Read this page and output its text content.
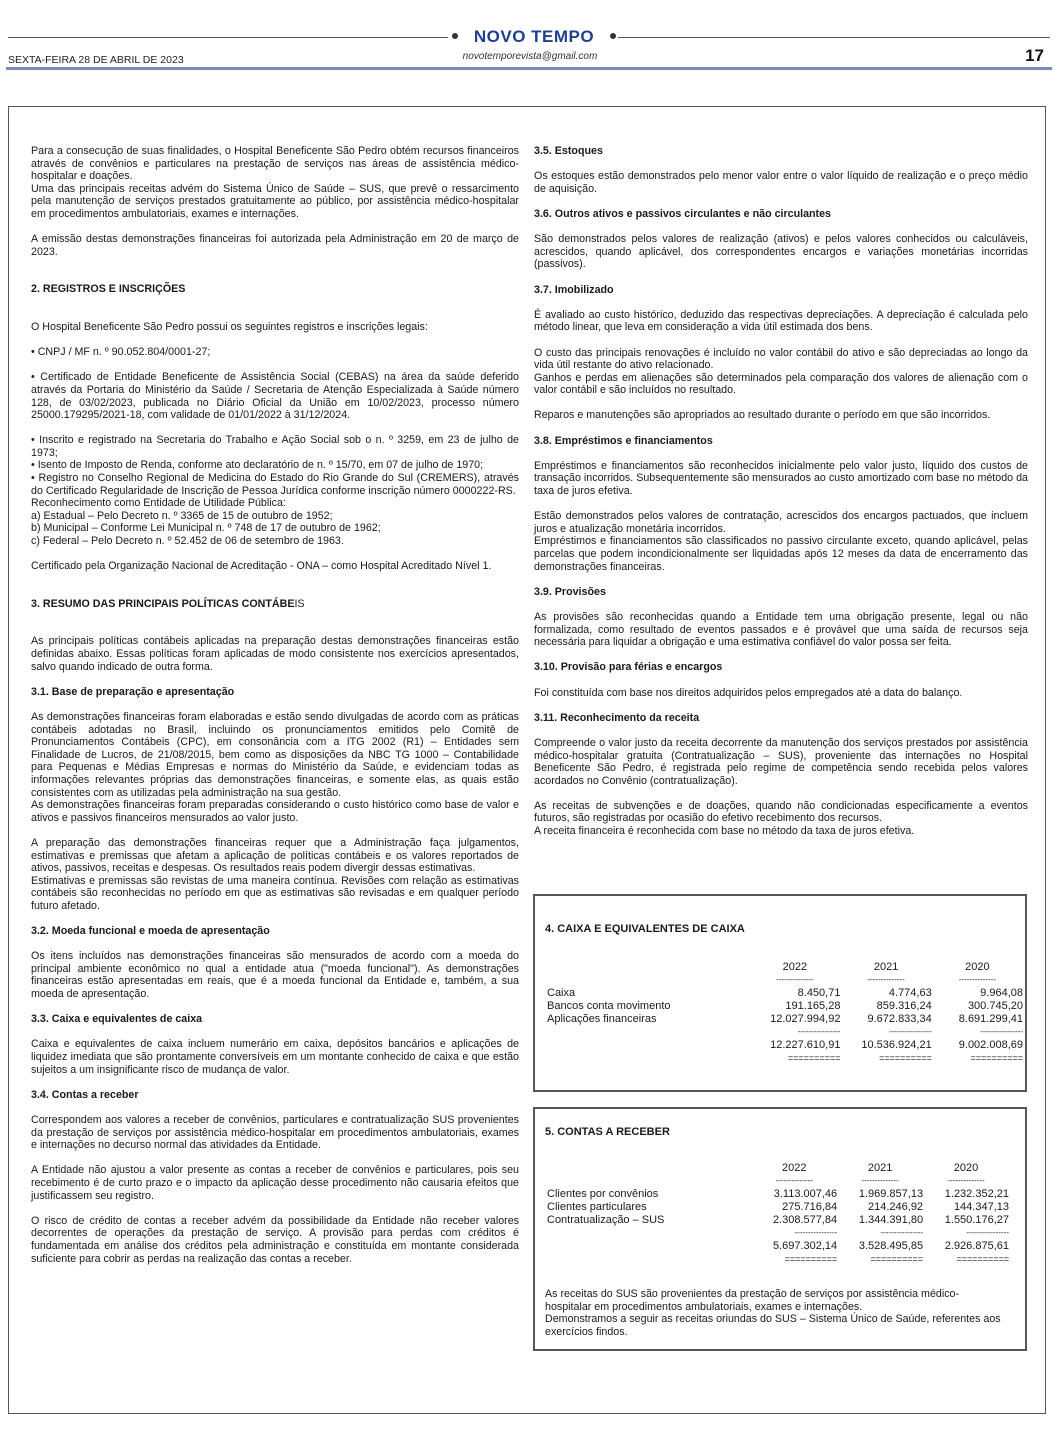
NOVO TEMPO
SEXTA-FEIRA 28 DE ABRIL DE 2023	novotemporevista@gmail.com	17

Para a consecução de suas finalidades, o Hospital Beneficente São Pedro obtém recursos financeiros através de convênios e particulares na prestação de serviços nas áreas de assistência médico-hospitalar e doações.

Uma das principais receitas advém do Sistema Único de Saúde – SUS, que prevê o ressarcimento pela manutenção de serviços prestados gratuitamente ao público, por assistência médico-hospitalar em procedimentos ambulatoriais, exames e internações.

A emissão destas demonstrações financeiras foi autorizada pela Administração em 20 de março de 2023.

2. REGISTROS E INSCRIÇÕES

O Hospital Beneficente São Pedro possui os seguintes registros e inscrições legais:

• CNPJ / MF n. º 90.052.804/0001-27;

• Certificado de Entidade Beneficente de Assistência Social (CEBAS) na área da saúde deferido através da Portaria do Ministério da Saúde / Secretaria de Atenção Especializada à Saúde número 128, de 03/02/2023, publicada no Diário Oficial da União em 10/02/2023, processo número 25000.179295/2021-18, com validade de 01/01/2022 à 31/12/2024.

• Inscrito e registrado na Secretaria do Trabalho e Ação Social sob o n. º 3259, em 23 de julho de 1973;

• Isento de Imposto de Renda, conforme ato declaratório de n. º 15/70, em 07 de julho de 1970;

• Registro no Conselho Regional de Medicina do Estado do Rio Grande do Sul (CREMERS), através do Certificado Regularidade de Inscrição de Pessoa Jurídica conforme inscrição número 0000222-RS.

Reconhecimento como Entidade de Utilidade Pública:

a) Estadual – Pelo Decreto n. º 3365 de 15 de outubro de 1952;

b) Municipal – Conforme Lei Municipal n. º 748 de 17 de outubro de 1962;

c) Federal – Pelo Decreto n. º 52.452 de 06 de setembro de 1963.

Certificado pela Organização Nacional de Acreditação - ONA – como Hospital Acreditado Nível 1.

3. RESUMO DAS PRINCIPAIS POLÍTICAS CONTÁBEIS

As principais políticas contábeis aplicadas na preparação destas demonstrações financeiras estão definidas abaixo. Essas políticas foram aplicadas de modo consistente nos exercícios apresentados, salvo quando indicado de outra forma.

3.1. Base de preparação e apresentação

As demonstrações financeiras foram elaboradas e estão sendo divulgadas de acordo com as práticas contábeis adotadas no Brasil, incluindo os pronunciamentos emitidos pelo Comitê de Pronunciamentos Contábeis (CPC), em consonância com a ITG 2002 (R1) – Entidades sem Finalidade de Lucros, de 21/08/2015, bem como as disposições da NBC TG 1000 – Contabilidade para Pequenas e Médias Empresas e normas do Ministério da Saúde, e evidenciam todas as informações relevantes próprias das demonstrações financeiras, e somente elas, as quais estão consistentes com as utilizadas pela administração na sua gestão.

As demonstrações financeiras foram preparadas considerando o custo histórico como base de valor e ativos e passivos financeiros mensurados ao valor justo.

A preparação das demonstrações financeiras requer que a Administração faça julgamentos, estimativas e premissas que afetam a aplicação de políticas contábeis e os valores reportados de ativos, passivos, receitas e despesas. Os resultados reais podem divergir dessas estimativas.

Estimativas e premissas são revistas de uma maneira contínua. Revisões com relação as estimativas contábeis são reconhecidas no período em que as estimativas são revisadas e em qualquer período futuro afetado.

3.2. Moeda funcional e moeda de apresentação

Os itens incluídos nas demonstrações financeiras são mensurados de acordo com a moeda do principal ambiente econômico no qual a entidade atua ("moeda funcional"). As demonstrações financeiras estão apresentadas em reais, que é a moeda funcional da Entidade e, também, a sua moeda de apresentação.

3.3. Caixa e equivalentes de caixa

Caixa e equivalentes de caixa incluem numerário em caixa, depósitos bancários e aplicações de liquidez imediata que são prontamente conversíveis em um montante conhecido de caixa e que estão sujeitos a um insignificante risco de mudança de valor.

3.4. Contas a receber

Correspondem aos valores a receber de convênios, particulares e contratualização SUS provenientes da prestação de serviços por assistência médico-hospitalar em procedimentos ambulatoriais, exames e internações no decurso normal das atividades da Entidade.

A Entidade não ajustou a valor presente as contas a receber de convênios e particulares, pois seu recebimento é de curto prazo e o impacto da aplicação desse procedimento não causaria efeitos que justificassem seu registro.

O risco de crédito de contas a receber advém da possibilidade da Entidade não receber valores decorrentes de operações da prestação de serviço. A provisão para perdas com créditos é fundamentada em análise dos créditos pela administração e constituída em montante considerada suficiente para cobrir as perdas na realização das contas a receber.

3.5. Estoques

Os estoques estão demonstrados pelo menor valor entre o valor líquido de realização e o preço médio de aquisição.

3.6. Outros ativos e passivos circulantes e não circulantes

São demonstrados pelos valores de realização (ativos) e pelos valores conhecidos ou calculáveis, acrescidos, quando aplicável, dos correspondentes encargos e variações monetárias incorridas (passivos).

3.7. Imobilizado

É avaliado ao custo histórico, deduzido das respectivas depreciações. A depreciação é calculada pelo método linear, que leva em consideração a vida útil estimada dos bens.

O custo das principais renovações é incluído no valor contábil do ativo e são depreciadas ao longo da vida útil restante do ativo relacionado.

Ganhos e perdas em alienações são determinados pela comparação dos valores de alienação com o valor contábil e são incluídos no resultado.

Reparos e manutenções são apropriados ao resultado durante o período em que são incorridos.

3.8. Empréstimos e financiamentos

Empréstimos e financiamentos são reconhecidos inicialmente pelo valor justo, líquido dos custos de transação incorridos. Subsequentemente são mensurados ao custo amortizado com base no método da taxa de juros efetiva.

Estão demonstrados pelos valores de contratação, acrescidos dos encargos pactuados, que incluem juros e atualização monetária incorridos.

Empréstimos e financiamentos são classificados no passivo circulante exceto, quando aplicável, pelas parcelas que podem incondicionalmente ser liquidadas após 12 meses da data de encerramento das demonstrações financeiras.

3.9. Provisões

As provisões são reconhecidas quando a Entidade tem uma obrigação presente, legal ou não formalizada, como resultado de eventos passados e é provável que uma saída de recursos seja necessária para liquidar a obrigação e uma estimativa confiável do valor possa ser feita.

3.10. Provisão para férias e encargos

Foi constituída com base nos direitos adquiridos pelos empregados até a data do balanço.

3.11. Reconhecimento da receita

Compreende o valor justo da receita decorrente da manutenção dos serviços prestados por assistência médico-hospitalar gratuita (Contratualização – SUS), proveniente das internações no Hospital Beneficente São Pedro, é registrada pelo regime de competência sendo recebida pelos valores acordados no Convênio (contratualização).

As receitas de subvenções e de doações, quando não condicionadas especificamente a eventos futuros, são registradas por ocasião do efetivo recebimento dos recursos.

A receita financeira é reconhecida com base no método da taxa de juros efetiva.

4. CAIXA E EQUIVALENTES DE CAIXA
	2022	2021	2020
	--------------	--------------	--------------
Caixa	8.450,71	4.774,63	9.964,08
Bancos conta movimento	191.165,28	859.316,24	300.745,20
Aplicações financeiras	12.027.994,92	9.672.833,34	8.691.299,41
	----------------	----------------	----------------
	12.227.610,91	10.536.924,21	9.002.008,69
	==========	==========	==========
5. CONTAS A RECEBER
	2022	2021	2020
	--------------	--------------	--------------
Clientes por convênios	3.113.007,46	1.969.857,13	1.232.352,21
Clientes particulares	275.716,84	214.246,92	144.347,13
Contratualização – SUS	2.308.577,84	1.344.391,80	1.550.176,27
	----------------	----------------	----------------
	5.697.302,14	3.528.495,85	2.926.875,61
	==========	==========	==========
As receitas do SUS são provenientes da prestação de serviços por assistência médico-hospitalar em procedimentos ambulatoriais, exames e internações.
Demonstramos a seguir as receitas oriundas do SUS – Sistema Único de Saúde, referentes aos exercícios findos.
